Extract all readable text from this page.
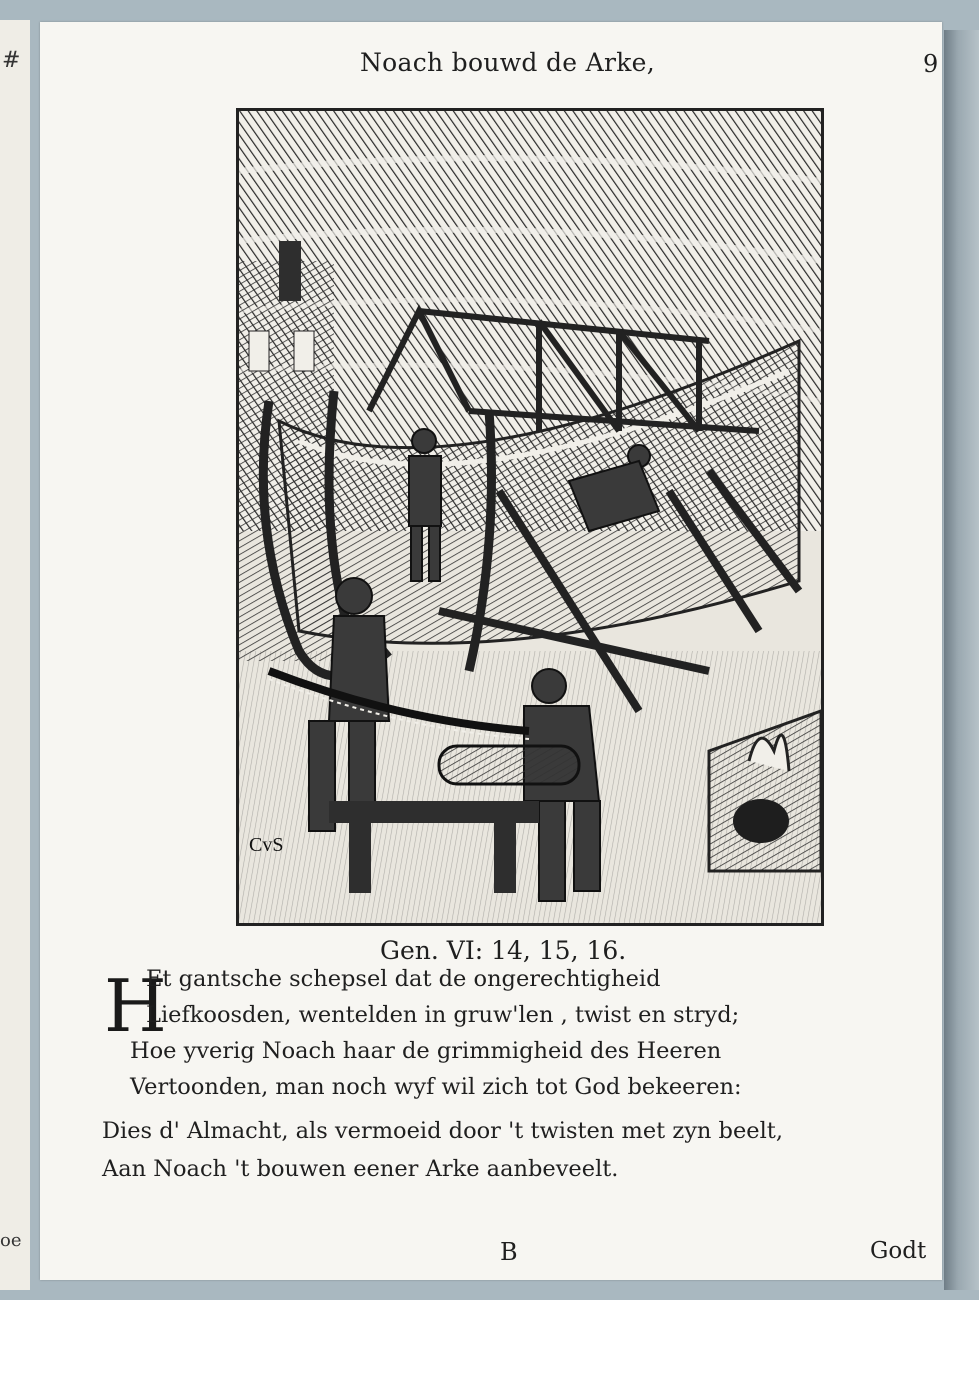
#
oe
Noach bouwd de Arke,	9
CvS
Gen. VI: 14, 15, 16.
H
Et gantsche schepsel dat de ongerechtigheid
Liefkoosden, wentelden in gruw'len , twist en stryd;
Hoe yverig Noach haar de grimmigheid des Heeren
Vertoonden, man noch wyf wil zich tot God bekeeren:
Dies d' Almacht, als vermoeid door 't twisten met zyn beelt,
Aan Noach 't bouwen eener Arke aanbeveelt.
B	Godt
